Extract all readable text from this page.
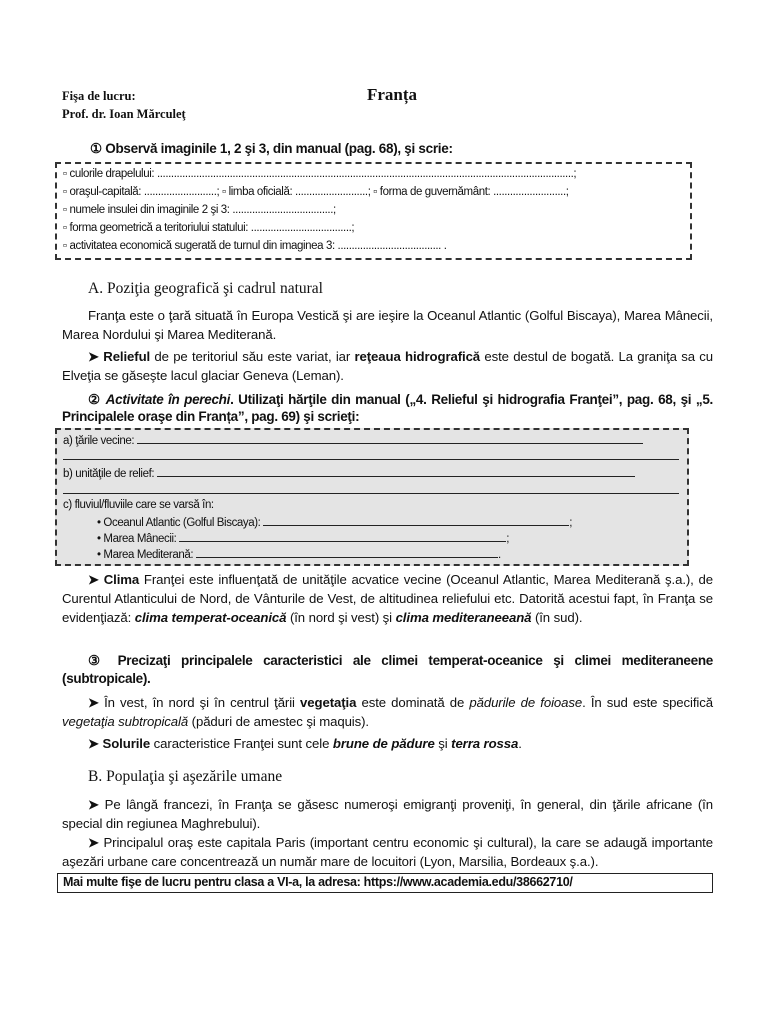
Fişa de lucru:
Prof. dr. Ioan Mărculeţ
Franța
① Observă imaginile 1, 2 şi 3, din manual (pag. 68), şi scrie:
▫ culorile drapelului: .....................................................................................................................................................;
▫ oraşul-capitală: ..........................; ▫ limba oficială: ..........................; ▫ forma de guvernământ: ..........................;
▫ numele insulei din imaginile 2 şi 3: ....................................;
▫ forma geometrică a teritoriului statului: ....................................;
▫ activitatea economică sugerată de turnul din imaginea 3: ..................................... .
A. Poziţia geografică şi cadrul natural

Franţa este o ţară situată în Europa Vestică şi are ieşire la Oceanul Atlantic (Golful Biscaya), Marea Mânecii, Marea Nordului şi Marea Mediterană.

➤ Relieful de pe teritoriul său este variat, iar reţeaua hidrografică este destul de bogată. La graniţa sa cu Elveţia se găseşte lacul glaciar Geneva (Leman).

② Activitate în perechi. Utilizaţi hărţile din manual („4. Relieful şi hidrografia Franţei”, pag. 68, şi „5. Principalele oraşe din Franța”, pag. 69) şi scrieţi:

a) ţările vecine:
b) unităţile de relief:
c) fluviul/fluviile care se varsă în:
• Oceanul Atlantic (Golful Biscaya):	;
• Marea Mânecii:	;
• Marea Mediterană:	.

➤ Clima Franţei este influenţată de unităţile acvatice vecine (Oceanul Atlantic, Marea Mediterană ş.a.), de Curentul Atlanticului de Nord, de Vânturile de Vest, de altitudinea reliefului etc. Datorită acestui fapt, în Franţa se evidenţiază: clima temperat-oceanică (în nord şi vest) şi clima mediteraneeană (în sud).

③ Precizaţi principalele caracteristici ale climei temperat-oceanice şi climei mediteraneene (subtropicale).

➤ În vest, în nord şi în centrul ţării vegetaţia este dominată de pădurile de foioase. În sud este specifică vegetaţia subtropicală (păduri de amestec şi maquis).

➤ Solurile caracteristice Franţei sunt cele brune de pădure şi terra rossa.

B. Populaţia şi aşezările umane

➤ Pe lângă francezi, în Franţa se găsesc numeroşi emigranţi proveniţi, în general, din ţările africane (în special din regiunea Maghrebului).

➤ Principalul oraş este capitala Paris (important centru economic şi cultural), la care se adaugă importante aşezări urbane care concentrează un număr mare de locuitori (Lyon, Marsilia, Bordeaux ş.a.).

Mai multe fişe de lucru pentru clasa a VI-a, la adresa: https://www.academia.edu/38662710/
